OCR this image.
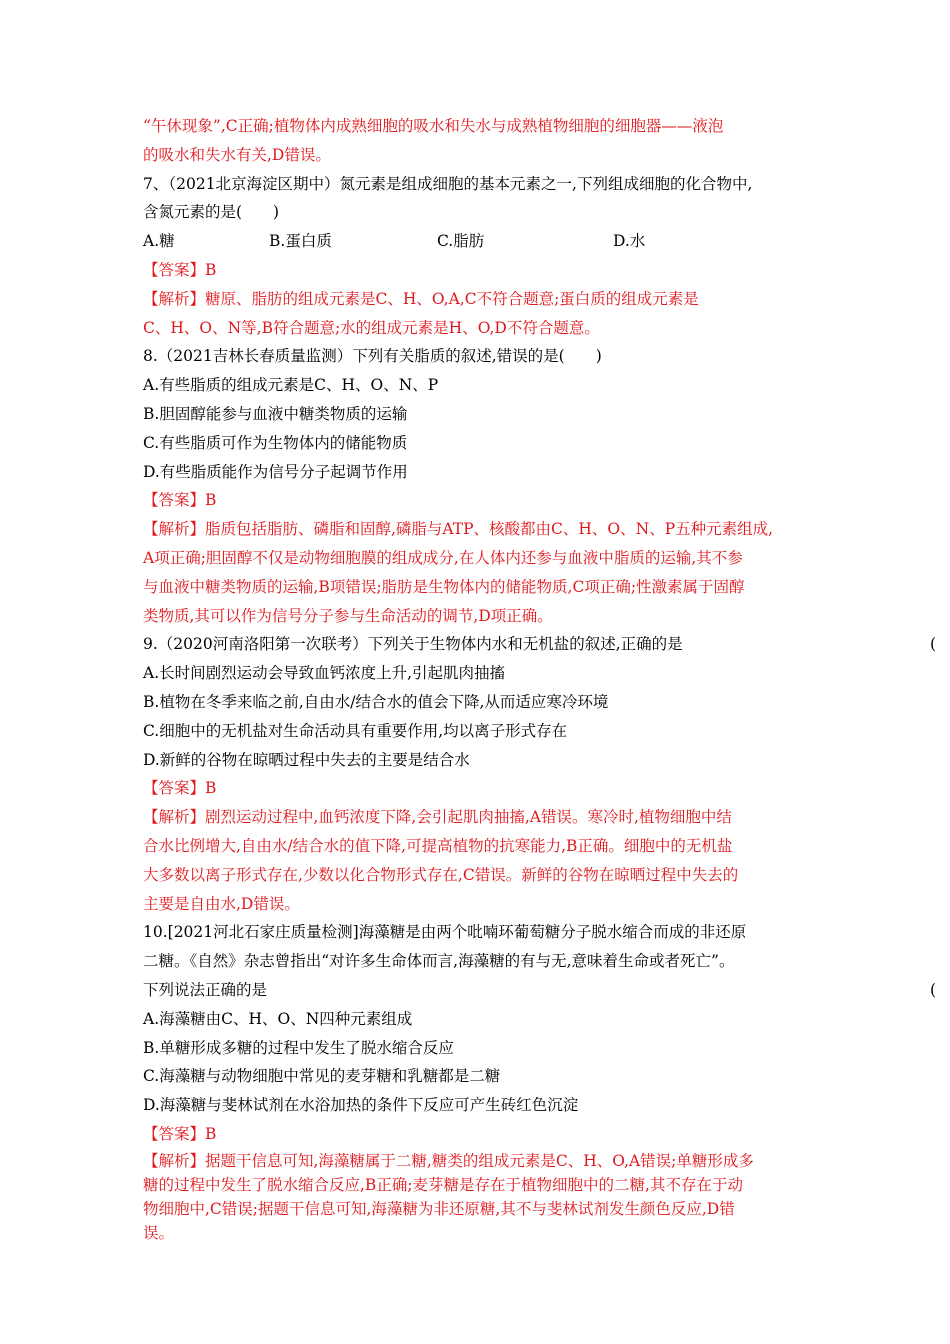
“午休现象”,C正确;植物体内成熟细胞的吸水和失水与成熟植物细胞的细胞器——液泡
的吸水和失水有关,D错误。
7、（2021北京海淀区期中）氮元素是组成细胞的基本元素之一,下列组成细胞的化合物中,
含氮元素的是(　　)
A.糖	B.蛋白质	C.脂肪	D.水
【答案】B
【解析】糖原、脂肪的组成元素是C、H、O,A,C不符合题意;蛋白质的组成元素是
C、H、O、N等,B符合题意;水的组成元素是H、O,D不符合题意。
8.（2021吉林长春质量监测）下列有关脂质的叙述,错误的是(　　)
A.有些脂质的组成元素是C、H、O、N、P
B.胆固醇能参与血液中糖类物质的运输
C.有些脂质可作为生物体内的储能物质
D.有些脂质能作为信号分子起调节作用
【答案】B
【解析】脂质包括脂肪、磷脂和固醇,磷脂与ATP、核酸都由C、H、O、N、P五种元素组成,
A项正确;胆固醇不仅是动物细胞膜的组成成分,在人体内还参与血液中脂质的运输,其不参
与血液中糖类物质的运输,B项错误;脂肪是生物体内的储能物质,C项正确;性激素属于固醇
类物质,其可以作为信号分子参与生命活动的调节,D项正确。
9.（2020河南洛阳第一次联考）下列关于生物体内水和无机盐的叙述,正确的是
A.长时间剧烈运动会导致血钙浓度上升,引起肌肉抽搐
B.植物在冬季来临之前,自由水/结合水的值会下降,从而适应寒冷环境
C.细胞中的无机盐对生命活动具有重要作用,均以离子形式存在
D.新鲜的谷物在晾晒过程中失去的主要是结合水
【答案】B
【解析】剧烈运动过程中,血钙浓度下降,会引起肌肉抽搐,A错误。寒冷时,植物细胞中结
合水比例增大,自由水/结合水的值下降,可提高植物的抗寒能力,B正确。细胞中的无机盐
大多数以离子形式存在,少数以化合物形式存在,C错误。新鲜的谷物在晾晒过程中失去的
主要是自由水,D错误。
10.[2021河北石家庄质量检测]海藻糖是由两个吡喃环葡萄糖分子脱水缩合而成的非还原
二糖。《自然》杂志曾指出“对许多生命体而言,海藻糖的有与无,意味着生命或者死亡”。
下列说法正确的是
A.海藻糖由C、H、O、N四种元素组成
B.单糖形成多糖的过程中发生了脱水缩合反应
C.海藻糖与动物细胞中常见的麦芽糖和乳糖都是二糖
D.海藻糖与斐林试剂在水浴加热的条件下反应可产生砖红色沉淀
【答案】B
【解析】据题干信息可知,海藻糖属于二糖,糖类的组成元素是C、H、O,A错误;单糖形成多
糖的过程中发生了脱水缩合反应,B正确;麦芽糖是存在于植物细胞中的二糖,其不存在于动
物细胞中,C错误;据题干信息可知,海藻糖为非还原糖,其不与斐林试剂发生颜色反应,D错
误。
(
(
